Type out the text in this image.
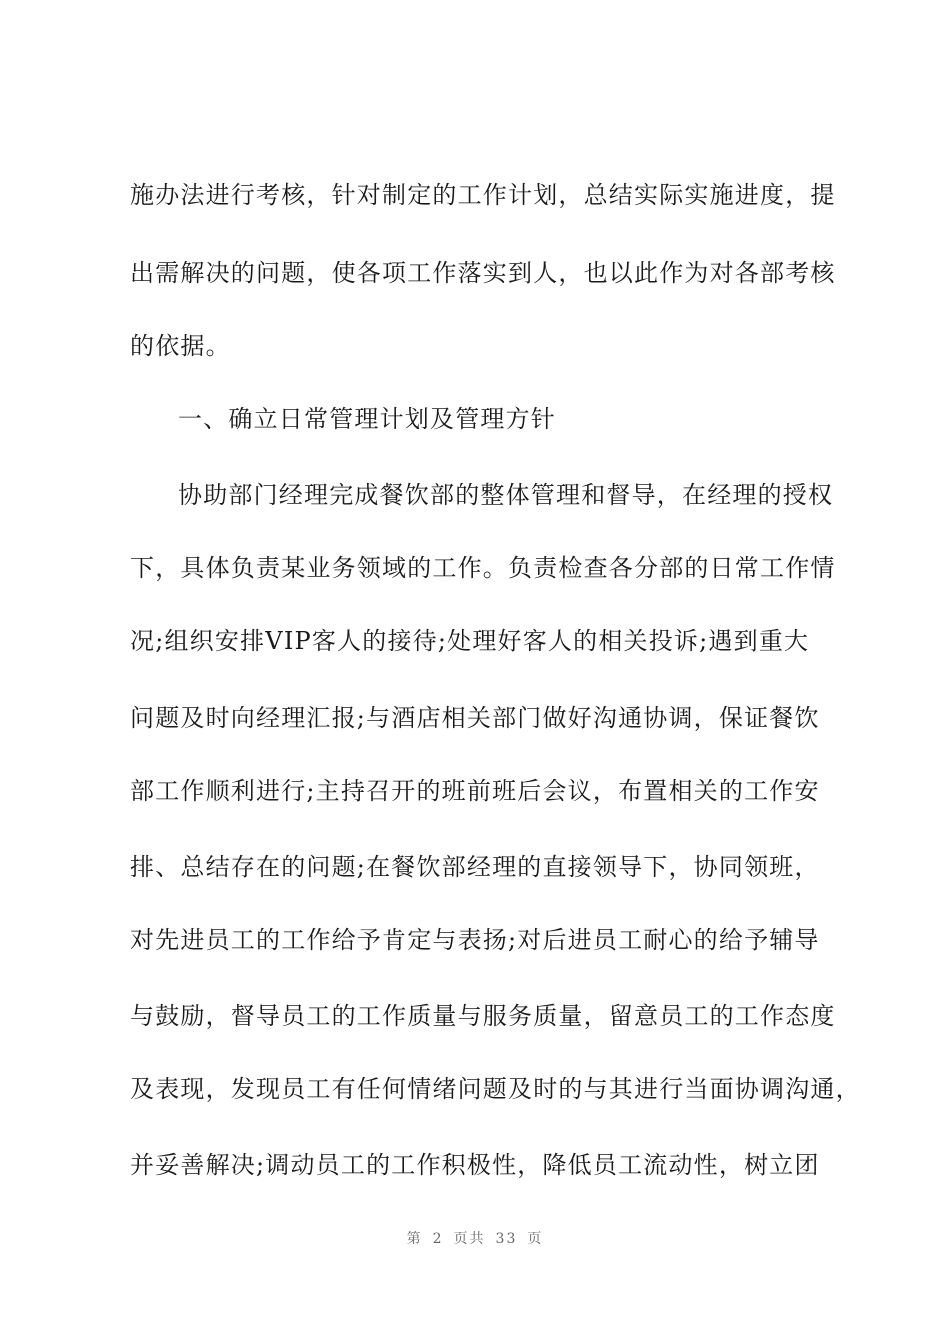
施办法进行考核，针对制定的工作计划，总结实际实施进度，提
出需解决的问题，使各项工作落实到人，也以此作为对各部考核
的依据。
一、确立日常管理计划及管理方针
协助部门经理完成餐饮部的整体管理和督导，在经理的授权
下，具体负责某业务领域的工作。负责检查各分部的日常工作情
况;组织安排VIP客人的接待;处理好客人的相关投诉;遇到重大
问题及时向经理汇报;与酒店相关部门做好沟通协调，保证餐饮
部工作顺利进行;主持召开的班前班后会议，布置相关的工作安
排、总结存在的问题;在餐饮部经理的直接领导下，协同领班，
对先进员工的工作给予肯定与表扬;对后进员工耐心的给予辅导
与鼓励，督导员工的工作质量与服务质量，留意员工的工作态度
及表现，发现员工有任何情绪问题及时的与其进行当面协调沟通，
并妥善解决;调动员工的工作积极性，降低员工流动性，树立团
第 2 页共 33 页
